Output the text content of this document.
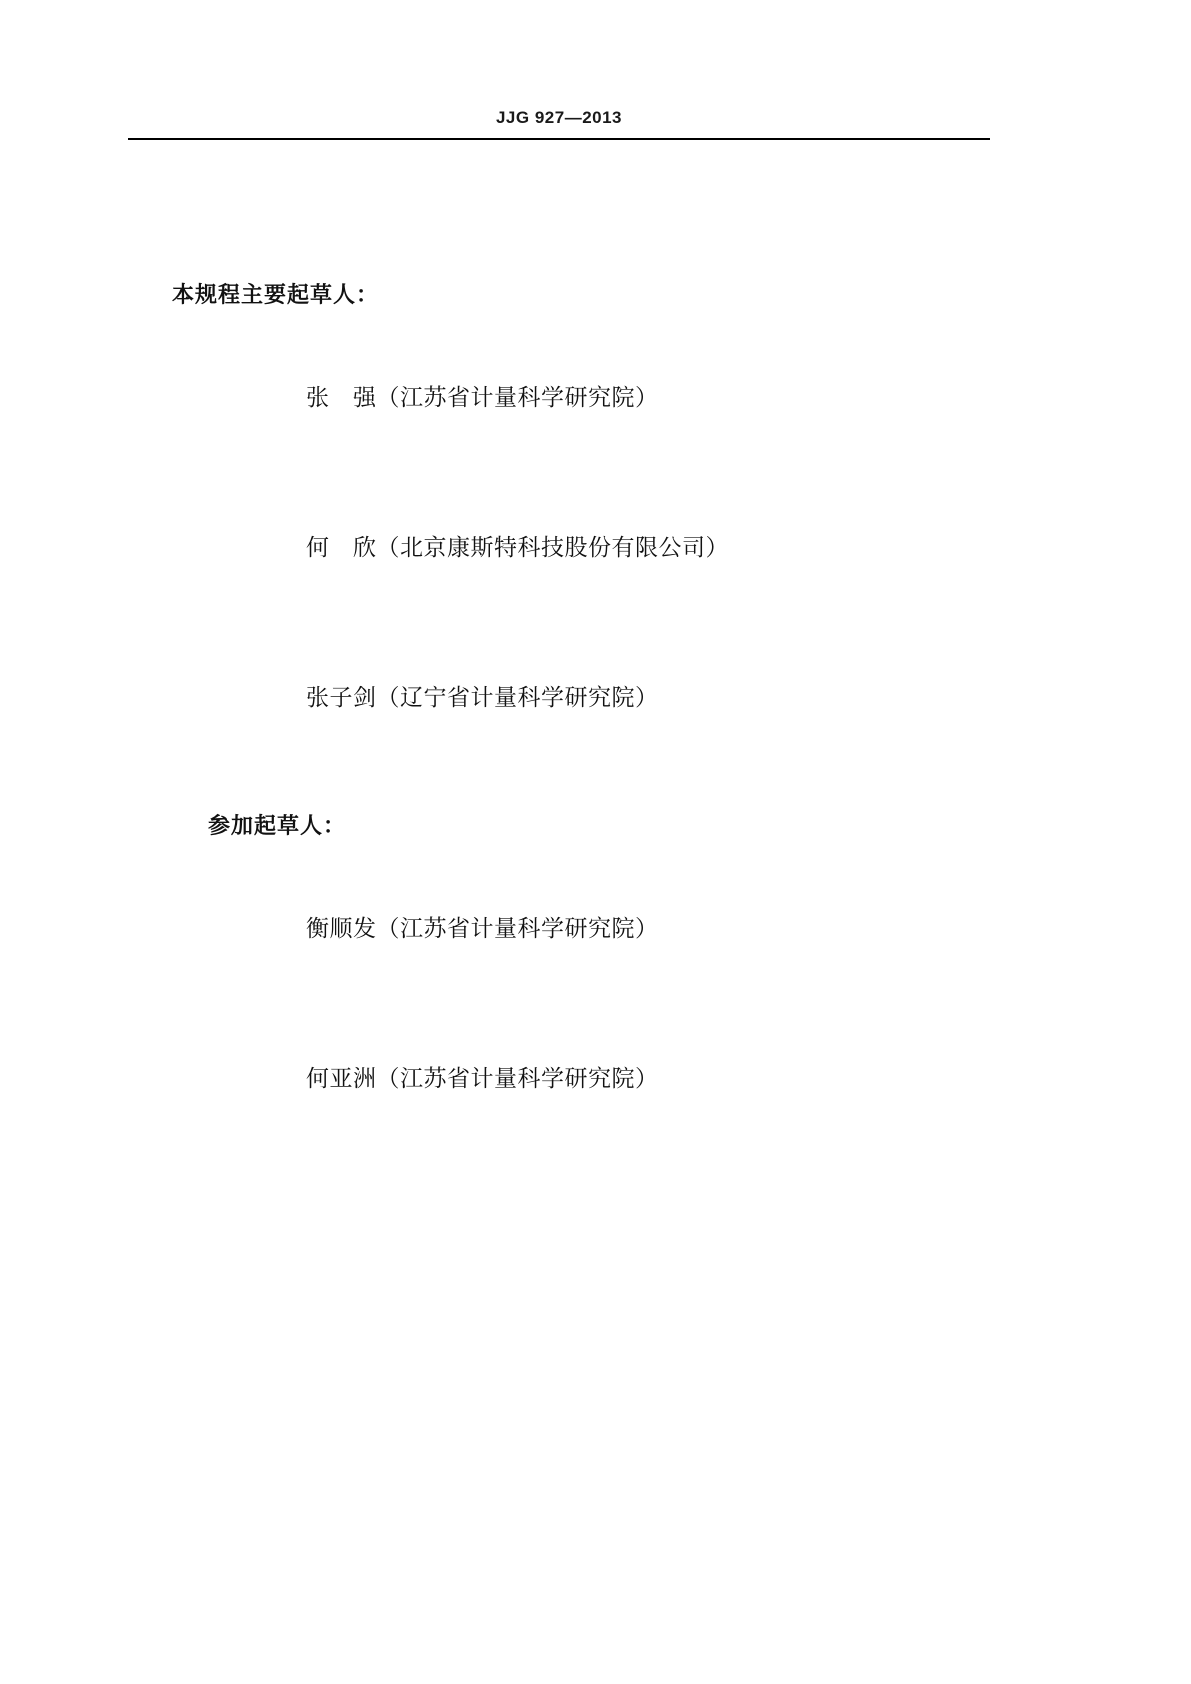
JJG 927—2013
本规程主要起草人：

张　强（江苏省计量科学研究院）

何　欣（北京康斯特科技股份有限公司）

张子剑（辽宁省计量科学研究院）

参加起草人：

衡顺发（江苏省计量科学研究院）

何亚洲（江苏省计量科学研究院）
